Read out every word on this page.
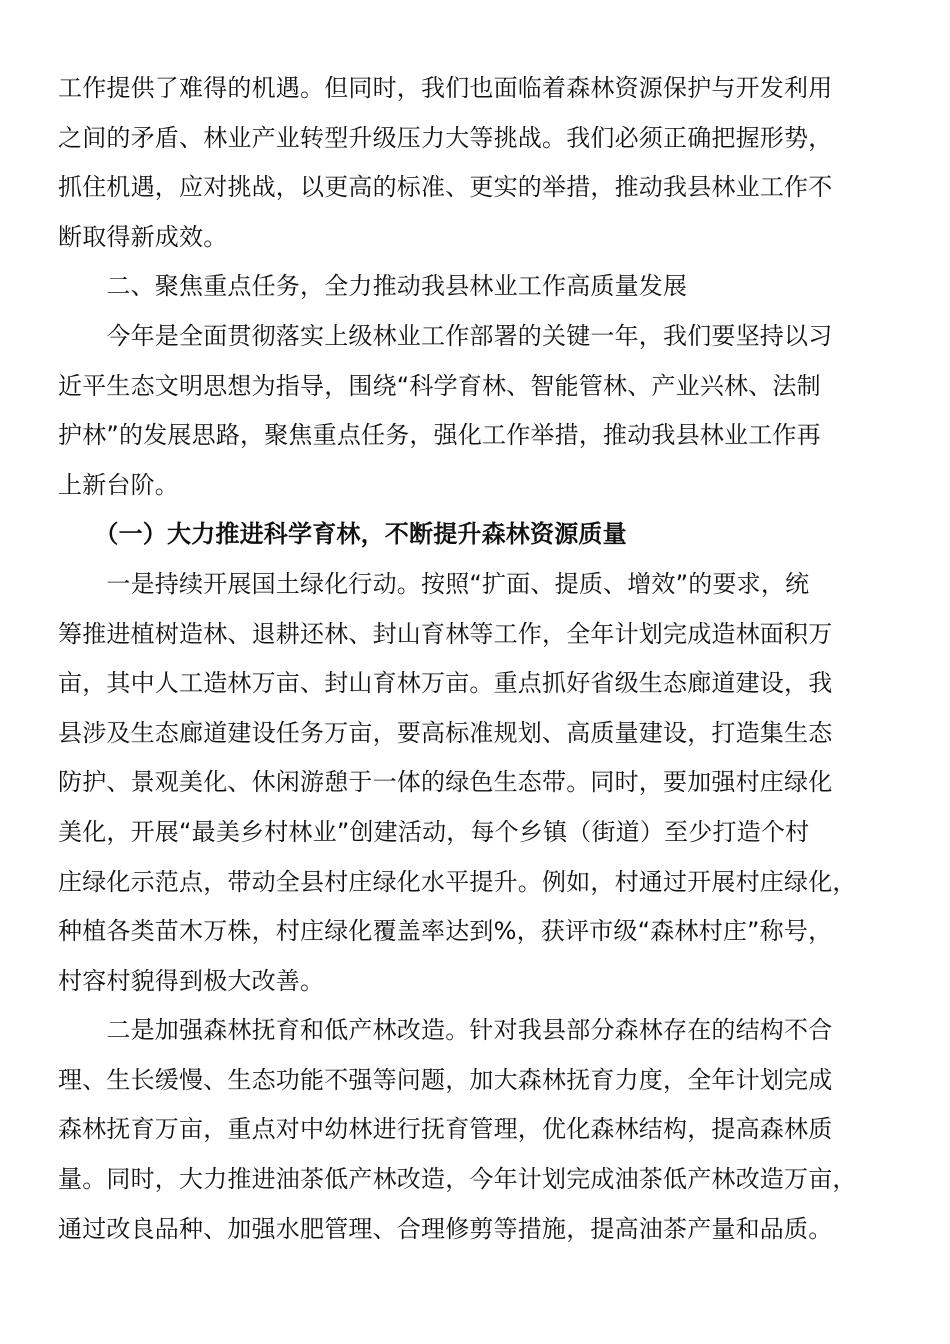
工作提供了难得的机遇。但同时，我们也面临着森林资源保护与开发利用
之间的矛盾、林业产业转型升级压力大等挑战。我们必须正确把握形势，
抓住机遇，应对挑战，以更高的标准、更实的举措，推动我县林业工作不
断取得新成效。
　　二、聚焦重点任务，全力推动我县林业工作高质量发展
　　今年是全面贯彻落实上级林业工作部署的关键一年，我们要坚持以习
近平生态文明思想为指导，围绕“科学育林、智能管林、产业兴林、法制
护林”的发展思路，聚焦重点任务，强化工作举措，推动我县林业工作再
上新台阶。
　　（一）大力推进科学育林，不断提升森林资源质量
　　一是持续开展国土绿化行动。按照“扩面、提质、增效”的要求，统
筹推进植树造林、退耕还林、封山育林等工作，全年计划完成造林面积万
亩，其中人工造林万亩、封山育林万亩。重点抓好省级生态廊道建设，我
县涉及生态廊道建设任务万亩，要高标准规划、高质量建设，打造集生态
防护、景观美化、休闲游憩于一体的绿色生态带。同时，要加强村庄绿化
美化，开展“最美乡村林业”创建活动，每个乡镇（街道）至少打造个村
庄绿化示范点，带动全县村庄绿化水平提升。例如，村通过开展村庄绿化，
种植各类苗木万株，村庄绿化覆盖率达到%，获评市级“森林村庄”称号，
村容村貌得到极大改善。
　　二是加强森林抚育和低产林改造。针对我县部分森林存在的结构不合
理、生长缓慢、生态功能不强等问题，加大森林抚育力度，全年计划完成
森林抚育万亩，重点对中幼林进行抚育管理，优化森林结构，提高森林质
量。同时，大力推进油茶低产林改造，今年计划完成油茶低产林改造万亩，
通过改良品种、加强水肥管理、合理修剪等措施，提高油茶产量和品质。
